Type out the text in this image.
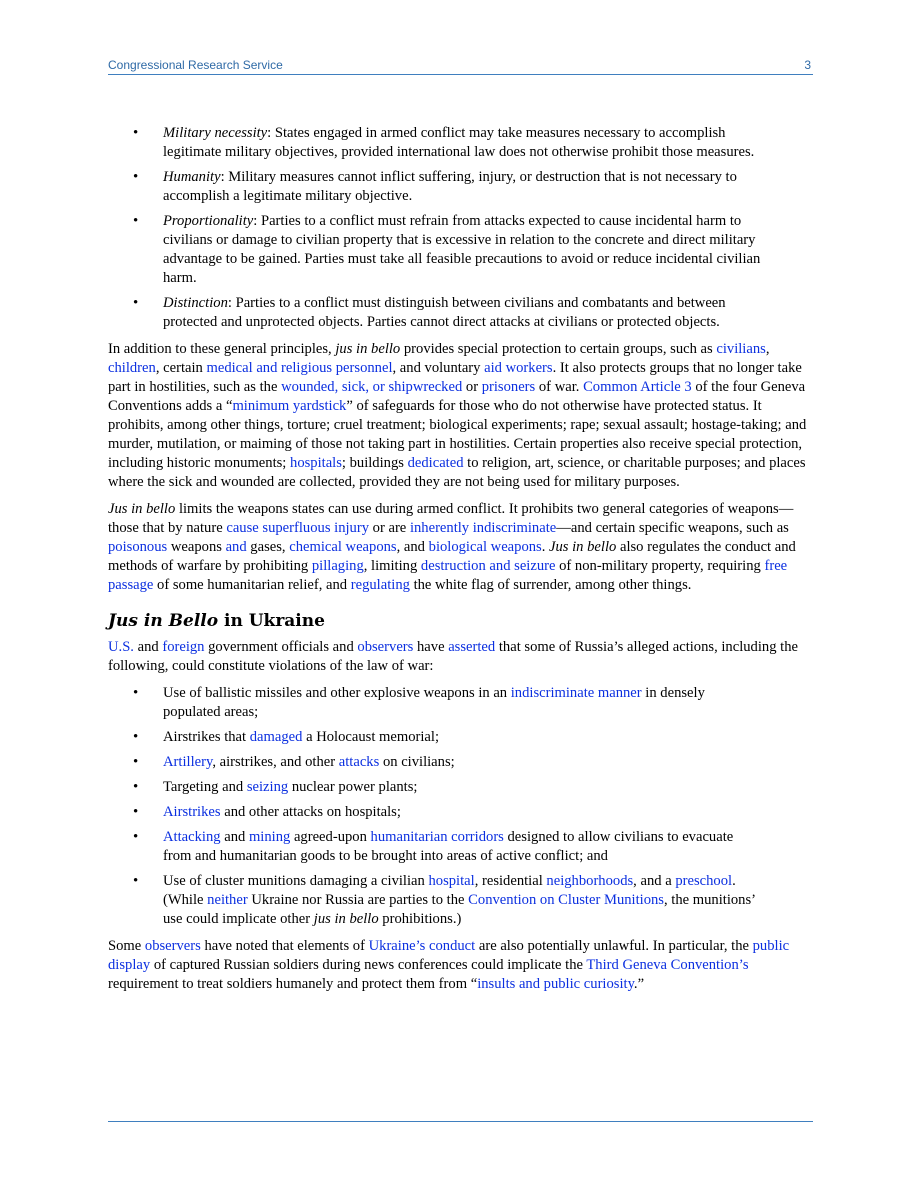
Congressional Research Service	3
• Military necessity: States engaged in armed conflict may take measures necessary to accomplish legitimate military objectives, provided international law does not otherwise prohibit those measures.
• Humanity: Military measures cannot inflict suffering, injury, or destruction that is not necessary to accomplish a legitimate military objective.
• Proportionality: Parties to a conflict must refrain from attacks expected to cause incidental harm to civilians or damage to civilian property that is excessive in relation to the concrete and direct military advantage to be gained. Parties must take all feasible precautions to avoid or reduce incidental civilian harm.
• Distinction: Parties to a conflict must distinguish between civilians and combatants and between protected and unprotected objects. Parties cannot direct attacks at civilians or protected objects.

In addition to these general principles, jus in bello provides special protection to certain groups, such as civilians, children, certain medical and religious personnel, and voluntary aid workers. It also protects groups that no longer take part in hostilities, such as the wounded, sick, or shipwrecked or prisoners of war. Common Article 3 of the four Geneva Conventions adds a “minimum yardstick” of safeguards for those who do not otherwise have protected status. It prohibits, among other things, torture; cruel treatment; biological experiments; rape; sexual assault; hostage-taking; and murder, mutilation, or maiming of those not taking part in hostilities. Certain properties also receive special protection, including historic monuments; hospitals; buildings dedicated to religion, art, science, or charitable purposes; and places where the sick and wounded are collected, provided they are not being used for military purposes.

Jus in bello limits the weapons states can use during armed conflict. It prohibits two general categories of weapons—those that by nature cause superfluous injury or are inherently indiscriminate—and certain specific weapons, such as poisonous weapons and gases, chemical weapons, and biological weapons. Jus in bello also regulates the conduct and methods of warfare by prohibiting pillaging, limiting destruction and seizure of non-military property, requiring free passage of some humanitarian relief, and regulating the white flag of surrender, among other things.

Jus in Bello in Ukraine

U.S. and foreign government officials and observers have asserted that some of Russia’s alleged actions, including the following, could constitute violations of the law of war:

• Use of ballistic missiles and other explosive weapons in an indiscriminate manner in densely populated areas;
• Airstrikes that damaged a Holocaust memorial;
• Artillery, airstrikes, and other attacks on civilians;
• Targeting and seizing nuclear power plants;
• Airstrikes and other attacks on hospitals;
• Attacking and mining agreed-upon humanitarian corridors designed to allow civilians to evacuate from and humanitarian goods to be brought into areas of active conflict; and
• Use of cluster munitions damaging a civilian hospital, residential neighborhoods, and a preschool. (While neither Ukraine nor Russia are parties to the Convention on Cluster Munitions, the munitions’ use could implicate other jus in bello prohibitions.)

Some observers have noted that elements of Ukraine’s conduct are also potentially unlawful. In particular, the public display of captured Russian soldiers during news conferences could implicate the Third Geneva Convention’s requirement to treat soldiers humanely and protect them from “insults and public curiosity.”
